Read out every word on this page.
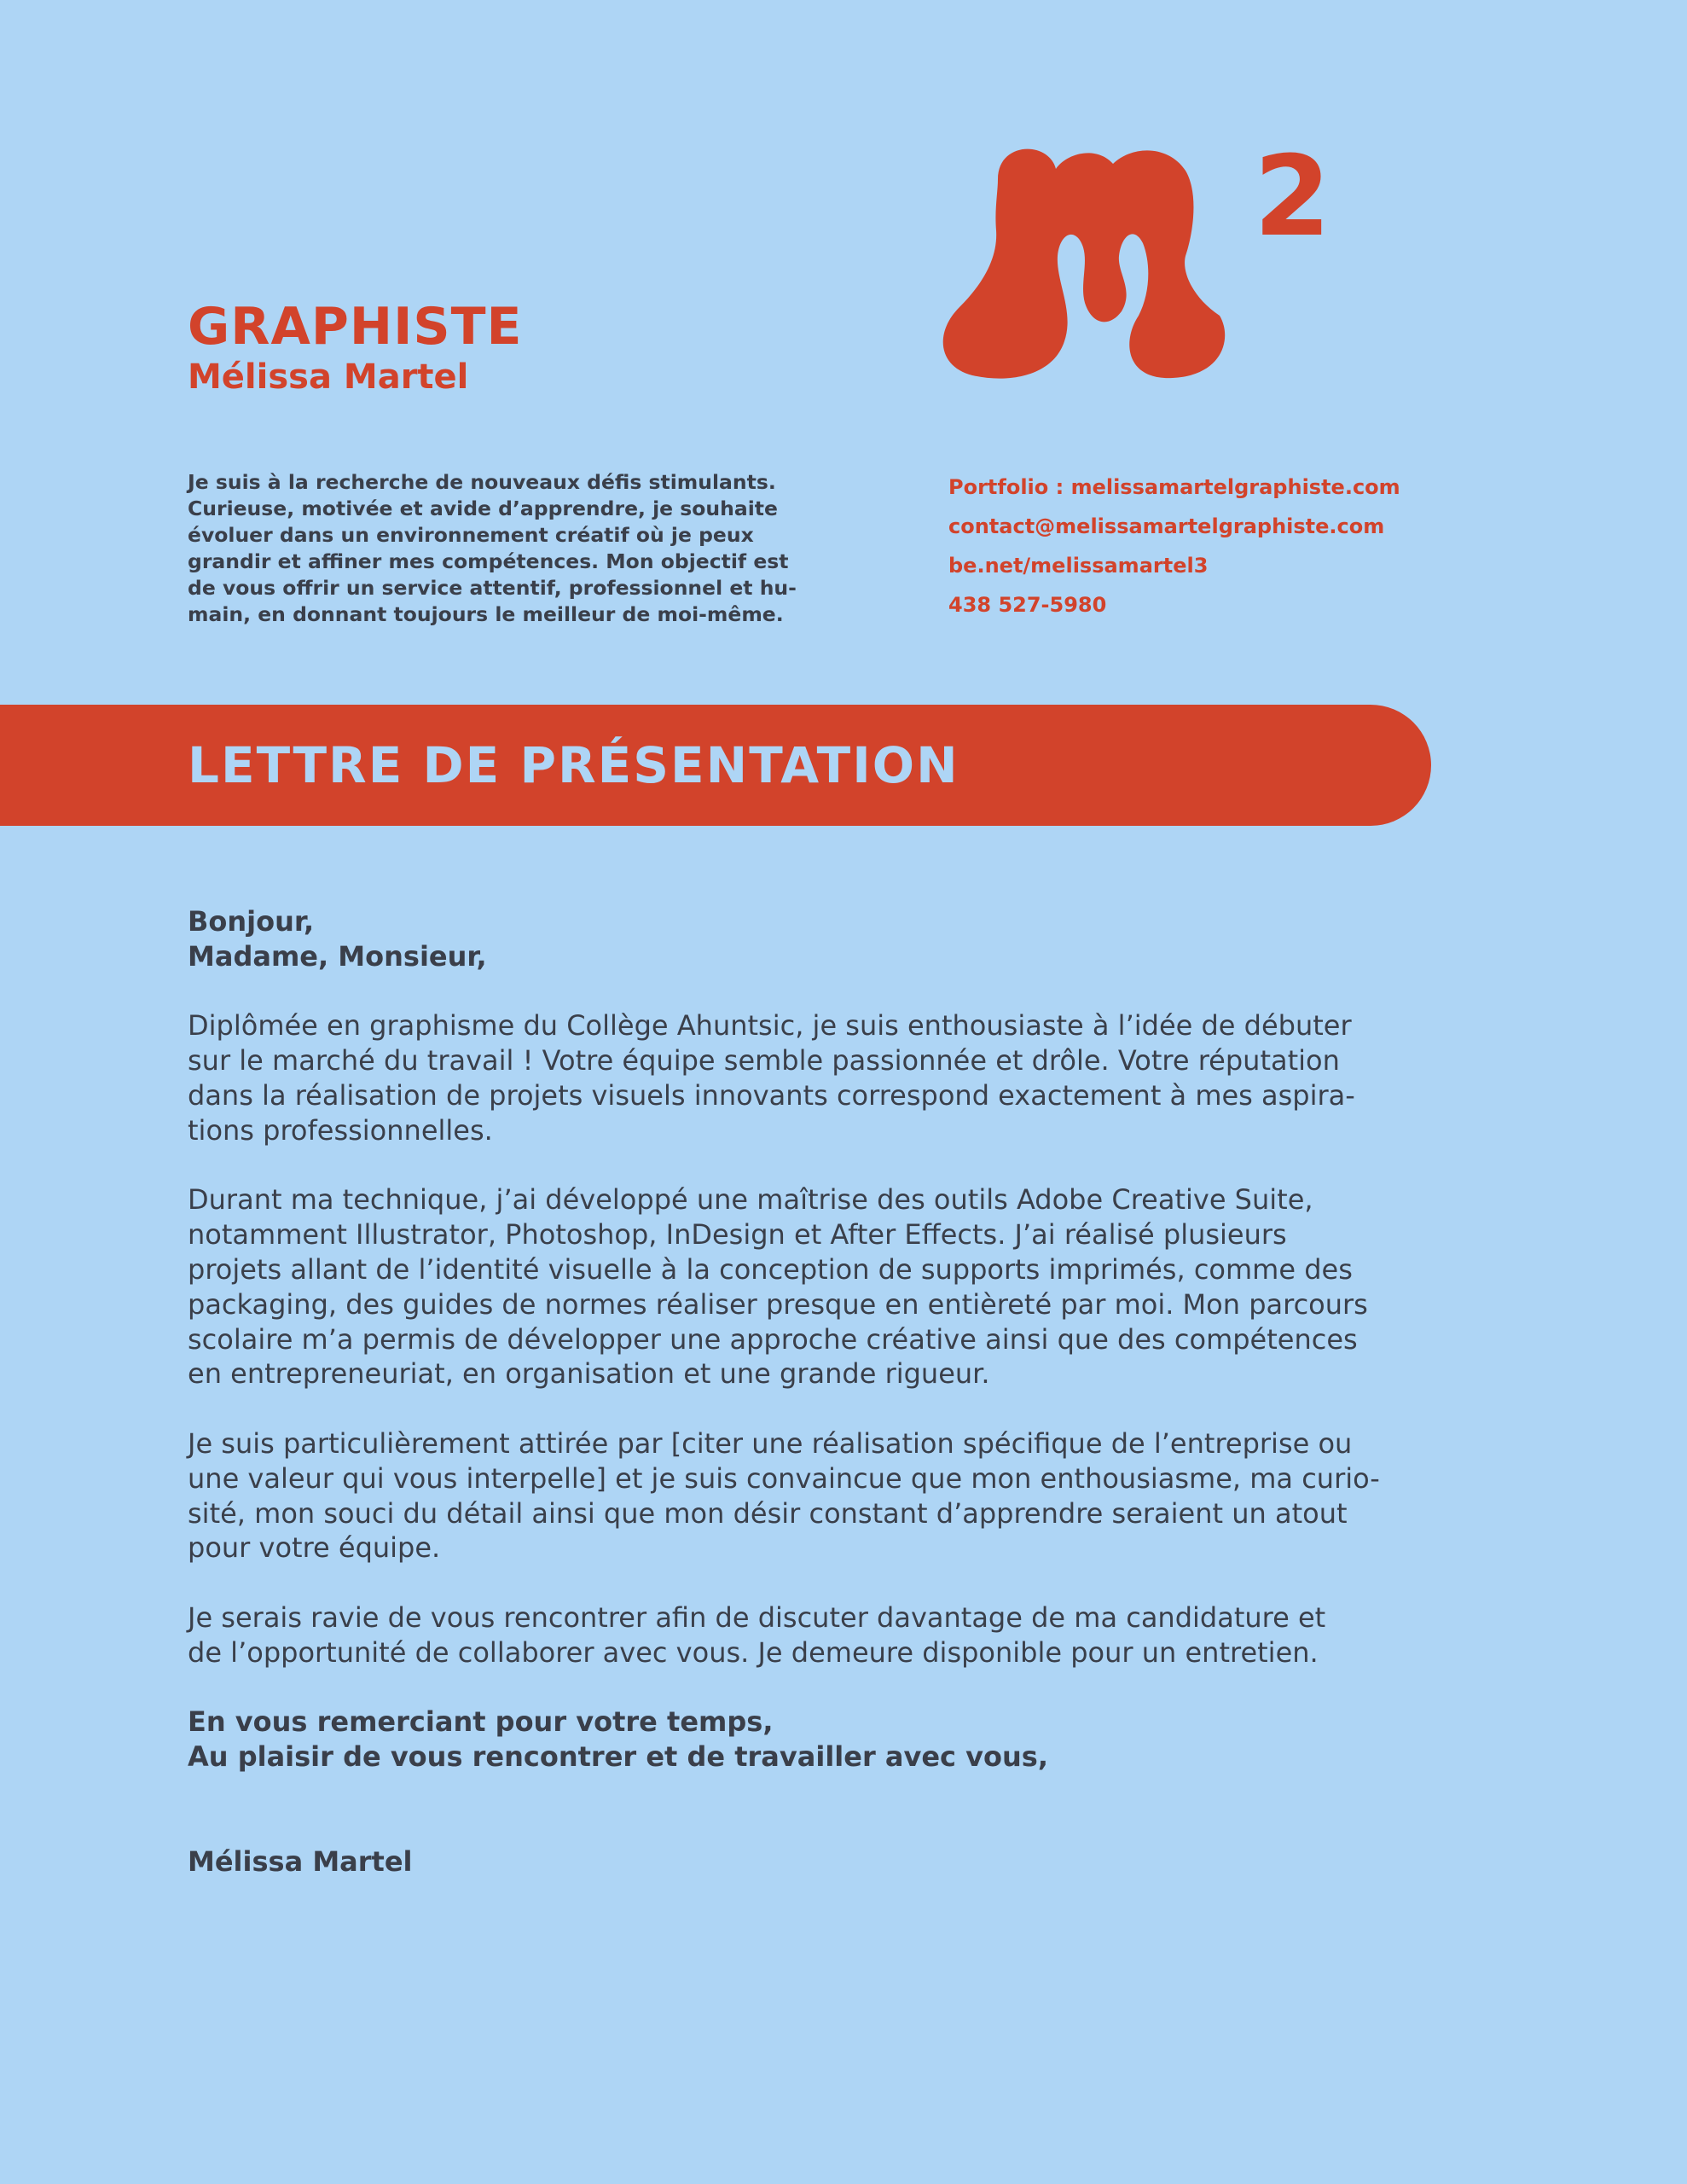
GRAPHISTE
Mélissa Martel
2

Je suis à la recherche de nouveaux défis stimulants.
Curieuse, motivée et avide d’apprendre, je souhaite
évoluer dans un environnement créatif où je peux
grandir et affiner mes compétences. Mon objectif est
de vous offrir un service attentif, professionnel et hu-
main, en donnant toujours le meilleur de moi-même.

Portfolio : melissamartelgraphiste.com
contact@melissamartelgraphiste.com
be.net/melissamartel3
438 527-5980
LETTRE DE PRÉSENTATION

Bonjour,
Madame, Monsieur,

Diplômée en graphisme du Collège Ahuntsic, je suis enthousiaste à l’idée de débuter
sur le marché du travail ! Votre équipe semble passionnée et drôle. Votre réputation
dans la réalisation de projets visuels innovants correspond exactement à mes aspira-
tions professionnelles.

Durant ma technique, j’ai développé une maîtrise des outils Adobe Creative Suite,
notamment Illustrator, Photoshop, InDesign et After Effects. J’ai réalisé plusieurs
projets allant de l’identité visuelle à la conception de supports imprimés, comme des
packaging, des guides de normes réaliser presque en entièreté par moi. Mon parcours
scolaire m’a permis de développer une approche créative ainsi que des compétences
en entrepreneuriat, en organisation et une grande rigueur.

Je suis particulièrement attirée par [citer une réalisation spécifique de l’entreprise ou
une valeur qui vous interpelle] et je suis convaincue que mon enthousiasme, ma curio-
sité, mon souci du détail ainsi que mon désir constant d’apprendre seraient un atout
pour votre équipe.

Je serais ravie de vous rencontrer afin de discuter davantage de ma candidature et
de l’opportunité de collaborer avec vous. Je demeure disponible pour un entretien.

En vous remerciant pour votre temps,
Au plaisir de vous rencontrer et de travailler avec vous,

Mélissa Martel
